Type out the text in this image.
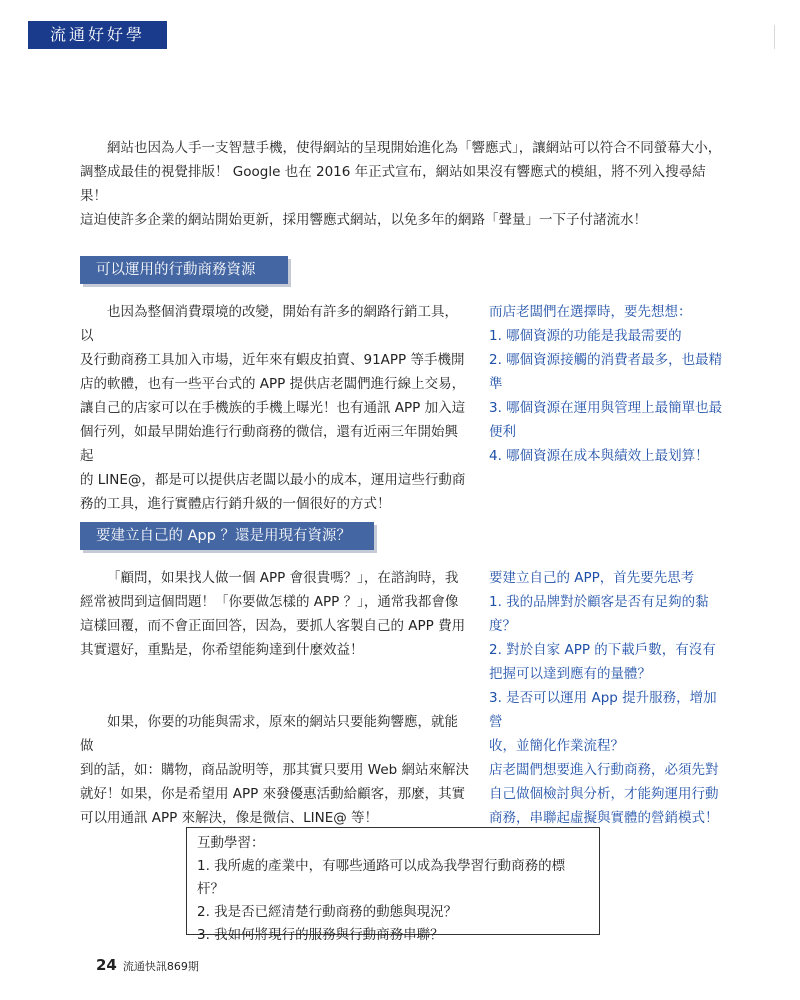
流通好好學

網站也因為人手一支智慧手機，使得網站的呈現開始進化為「響應式」，讓網站可以符合不同螢幕大小，

調整成最佳的視覺排版！ Google 也在 2016 年正式宣布，網站如果沒有響應式的模組，將不列入搜尋結果！

這迫使許多企業的網站開始更新，採用響應式網站，以免多年的網路「聲量」一下子付諸流水！

可以運用的行動商務資源

也因為整個消費環境的改變，開始有許多的網路行銷工具，以

及行動商務工具加入市場，近年來有蝦皮拍賣、91APP 等手機開

店的軟體，也有一些平台式的 APP 提供店老闆們進行線上交易，

讓自己的店家可以在手機族的手機上曝光！也有通訊 APP 加入這

個行列，如最早開始進行行動商務的微信，還有近兩三年開始興起

的 LINE@，都是可以提供店老闆以最小的成本，運用這些行動商

務的工具，進行實體店行銷升級的一個很好的方式！

而店老闆們在選擇時，要先想想：
1. 哪個資源的功能是我最需要的
2. 哪個資源接觸的消費者最多，也最精
準
3. 哪個資源在運用與管理上最簡單也最
便利
4. 哪個資源在成本與績效上最划算！
要建立自己的 App ？還是用現有資源？

「顧問，如果找人做一個 APP 會很貴嗎？」，在諮詢時，我

經常被問到這個問題！「你要做怎樣的 APP ？」，通常我都會像

這樣回覆，而不會正面回答，因為，要抓人客製自己的 APP 費用

其實還好，重點是，你希望能夠達到什麼效益！

如果，你要的功能與需求，原來的網站只要能夠響應，就能做

到的話，如：購物，商品說明等，那其實只要用 Web 網站來解決

就好！如果，你是希望用 APP 來發優惠活動給顧客，那麼，其實

可以用通訊 APP 來解決，像是微信、LINE@ 等！

要建立自己的 APP，首先要先思考
1. 我的品牌對於顧客是否有足夠的黏
度？
2. 對於自家 APP 的下載戶數，有沒有
把握可以達到應有的量體？
3. 是否可以運用 App 提升服務，增加營
收，並簡化作業流程？
店老闆們想要進入行動商務，必須先對
自己做個檢討與分析，才能夠運用行動
商務，串聯起虛擬與實體的營銷模式！
互動學習：
1. 我所處的產業中，有哪些通路可以成為我學習行動商務的標杆？
2. 我是否已經清楚行動商務的動態與現況？
3. 我如何將現行的服務與行動商務串聯？
24 流通快訊869期
